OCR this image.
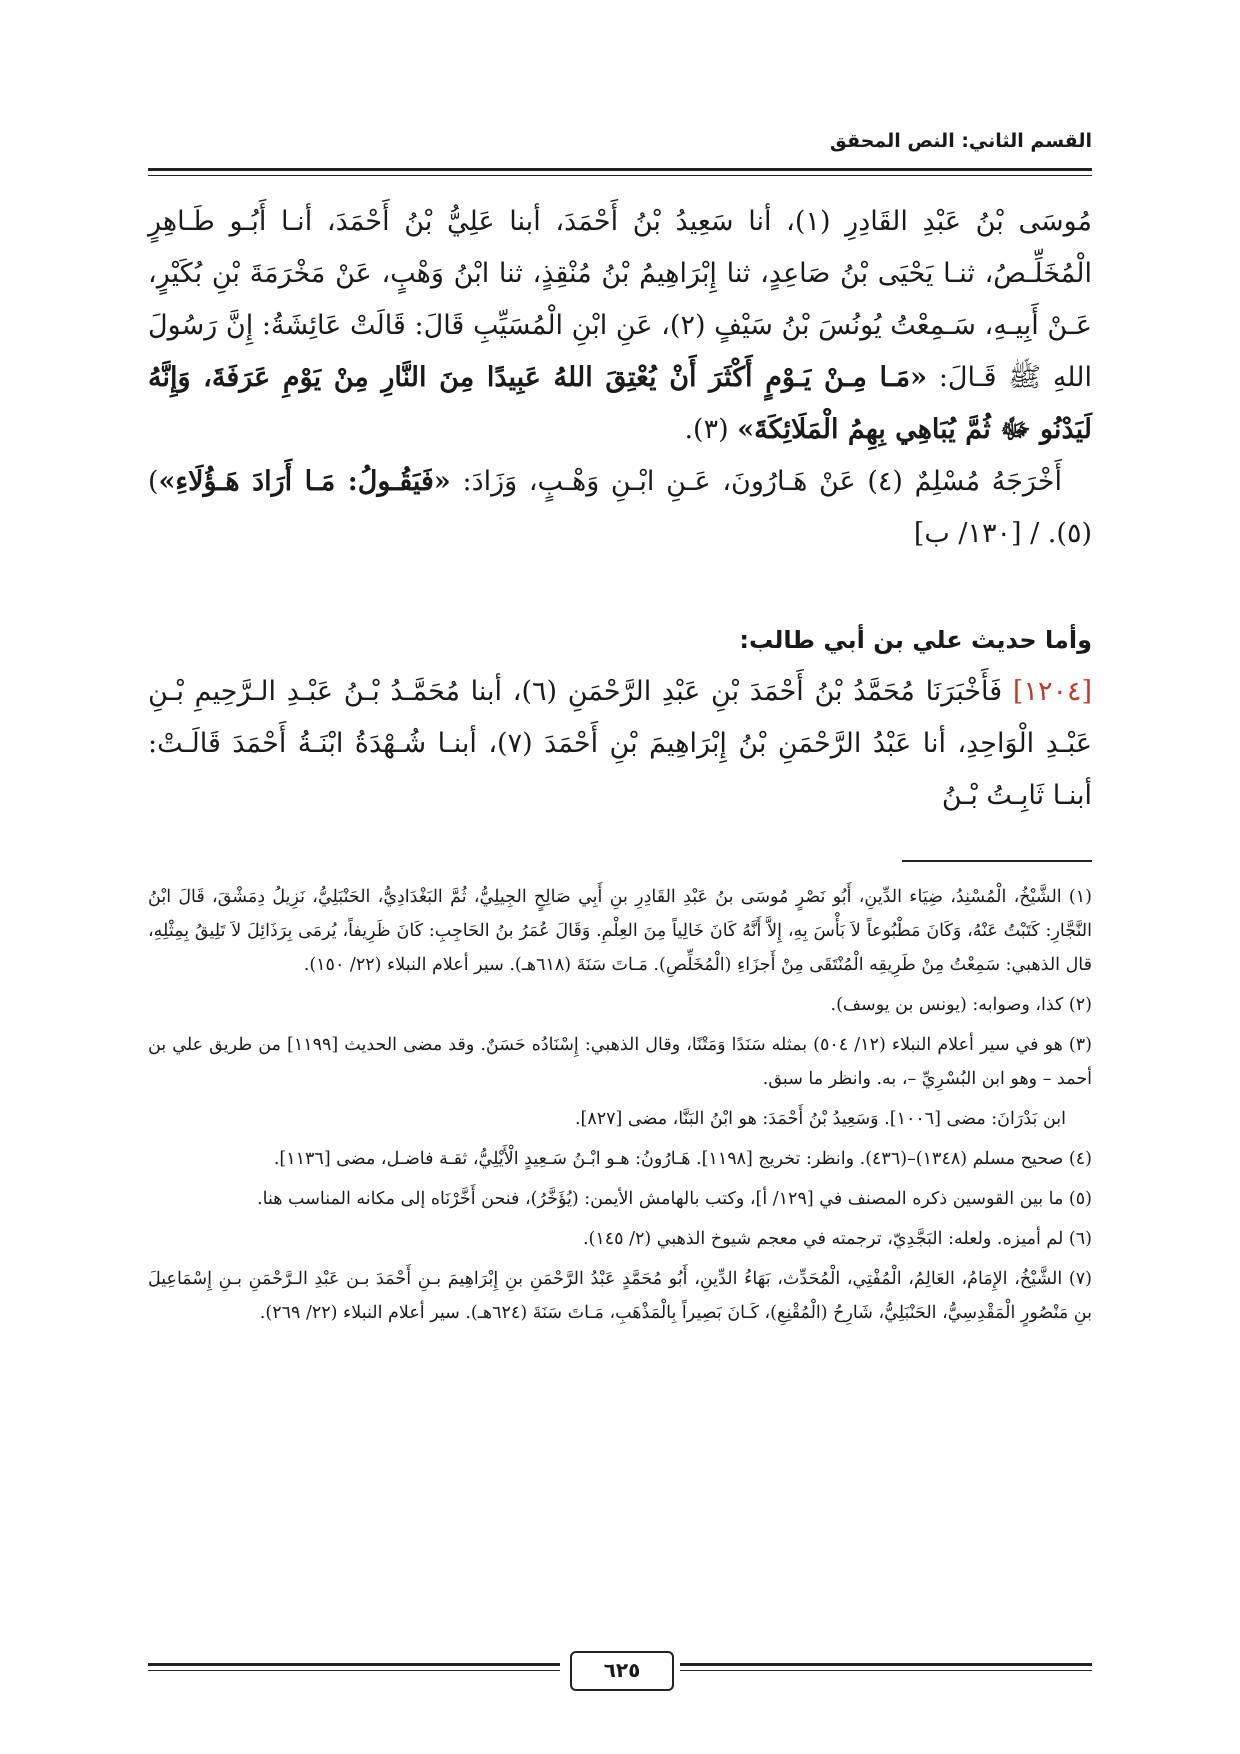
القسم الثاني: النص المحقق

مُوسَى بْنُ عَبْدِ القَادِرِ (١)، أنا سَعِيدُ بْنُ أَحْمَدَ، أبنا عَلِيُّ بْنُ أَحْمَدَ، أنـا أَبُـو طَـاهِرٍ الْمُخَلِّـصُ، ثنـا يَحْيَى بْنُ صَاعِدٍ، ثنا إِبْرَاهِيمُ بْنُ مُنْقِذٍ، ثنا ابْنُ وَهْبٍ، عَنْ مَخْرَمَةَ بْنِ بُكَيْرٍ، عَـنْ أَبِيـهِ، سَـمِعْتُ يُونُسَ بْنُ سَيْفٍ (٢)، عَنِ ابْنِ الْمُسَيِّبِ قَالَ: قَالَتْ عَائِشَةُ: إِنَّ رَسُولَ اللهِ ﷺ قَـالَ: «مَـا مِـنْ يَـوْمٍ أَكْثَرَ أَنْ يُعْتِقَ اللهُ عَبِيدًا مِنَ النَّارِ مِنْ يَوْمِ عَرَفَةَ، وَإِنَّهُ لَيَدْنُو ﷻ ثُمَّ يُبَاهِي بِهِمُ الْمَلَائِكَةَ» (٣).

أَخْرَجَهُ مُسْلِمٌ (٤) عَنْ هَـارُونَ، عَـنِ ابْـنِ وَهْـبٍ، وَزَادَ: «فَيَقُـولُ: مَـا أَرَادَ هَـؤُلَاءِ») (٥). / [١٣٠/ ب]

وأما حديث علي بن أبي طالب:

[١٢٠٤] فَأَخْبَرَنَا مُحَمَّدُ بْنُ أَحْمَدَ بْنِ عَبْدِ الرَّحْمَنِ (٦)، أبنا مُحَمَّـدُ بْـنُ عَبْـدِ الـرَّحِيمِ بْـنِ عَبْـدِ الْوَاحِدِ، أنا عَبْدُ الرَّحْمَنِ بْنُ إِبْرَاهِيمَ بْنِ أَحْمَدَ (٧)، أبنـا شُـهْدَةُ ابْنَـةُ أَحْمَدَ قَالَـتْ: أبنـا ثَابِـتُ بْـنُ

(١) الشَّيْخُ، الْمُسْنِدُ، ضِيَاء الدِّينِ، أَبُو نَصْرٍ مُوسَى بنُ عَبْدِ القَادِرِ بنِ أَبِي صَالِحٍ الجِيلِيُّ، ثُمَّ البَغْدَادِيُّ، الحَنْبَلِيُّ، نَزِيلُ دِمَشْقَ، قَالَ ابْنُ النَّجَّارِ: كَتَبْتُ عَنْهُ، وَكَانَ مَطْبُوعاً لاَ بَأْسَ بِهِ، إِلاَّ أَنَّهُ كَانَ خَالِياً مِنَ العِلْمِ. وَقَالَ عُمَرُ بنُ الحَاجِبِ: كَانَ ظَرِيفاً، يُرمَى بِرَذَائِلَ لاَ تَلِيقُ بِمِثْلِهِ، قال الذهبي: سَمِعْتُ مِنْ طَرِيقِه الْمُنْتَقَى مِنْ أَجزَاءِ (الْمُخَلِّصِ). مَـاتَ سَنَةَ (٦١٨هـ). سير أعلام النبلاء (٢٢/ ١٥٠).

(٢) كذا، وصوابه: (يونس بن يوسف).

(٣) هو في سير أعلام النبلاء (١٢/ ٥٠٤) بمثله سَنَدًا وَمَتْنًا، وقال الذهبي: إِسْنَادُه حَسَنٌ. وقد مضى الحديث [١١٩٩] من طريق علي بن أحمد – وهو ابن البُسْرِيِّ –، به. وانظر ما سبق.

ابن بَدْرَانَ: مضى [١٠٠٦]. وَسَعِيدُ بْنُ أَحْمَدَ: هو ابْنُ البَنَّا، مضى [٨٢٧].

(٤) صحيح مسلم (١٣٤٨)–(٤٣٦). وانظر: تخريج [١١٩٨]. هَـارُونُ: هـو ابْـنُ سَـعِيدٍ الْأَيْلِيُّ، ثقـة فاضـل، مضى [١١٣٦].

(٥) ما بين القوسين ذكره المصنف في [١٢٩/ أ]، وكتب بالهامش الأيمن: (يُؤَخَّرُ)، فنحن أَخَّرْنَاه إلى مكانه المناسب هنا.

(٦) لم أميزه. ولعله: البَجَّدِيّ، ترجمته في معجم شيوخ الذهبي (٢/ ١٤٥).

(٧) الشَّيْخُ، الإِمَامُ، العَالِمُ، الْمُفْتِي، الْمُحَدِّث، بَهَاءُ الدِّينِ، أَبُو مُحَمَّدٍ عَبْدُ الرَّحْمَنِ بنِ إِبْرَاهِيمَ بـنِ أَحْمَدَ بـن عَبْدِ الـرَّحْمَنِ بـنِ إِسْمَاعِيلَ بنِ مَنْصُورٍ الْمَقْدِسِيُّ، الحَنْبَلِيُّ، شَارِحُ (الْمُقْنِعِ)، كَـانَ بَصِيراً بِالْمَذْهَبِ، مَـاتَ سَنَةَ (٦٢٤هـ). سير أعلام النبلاء (٢٢/ ٢٦٩).

٦٢٥
